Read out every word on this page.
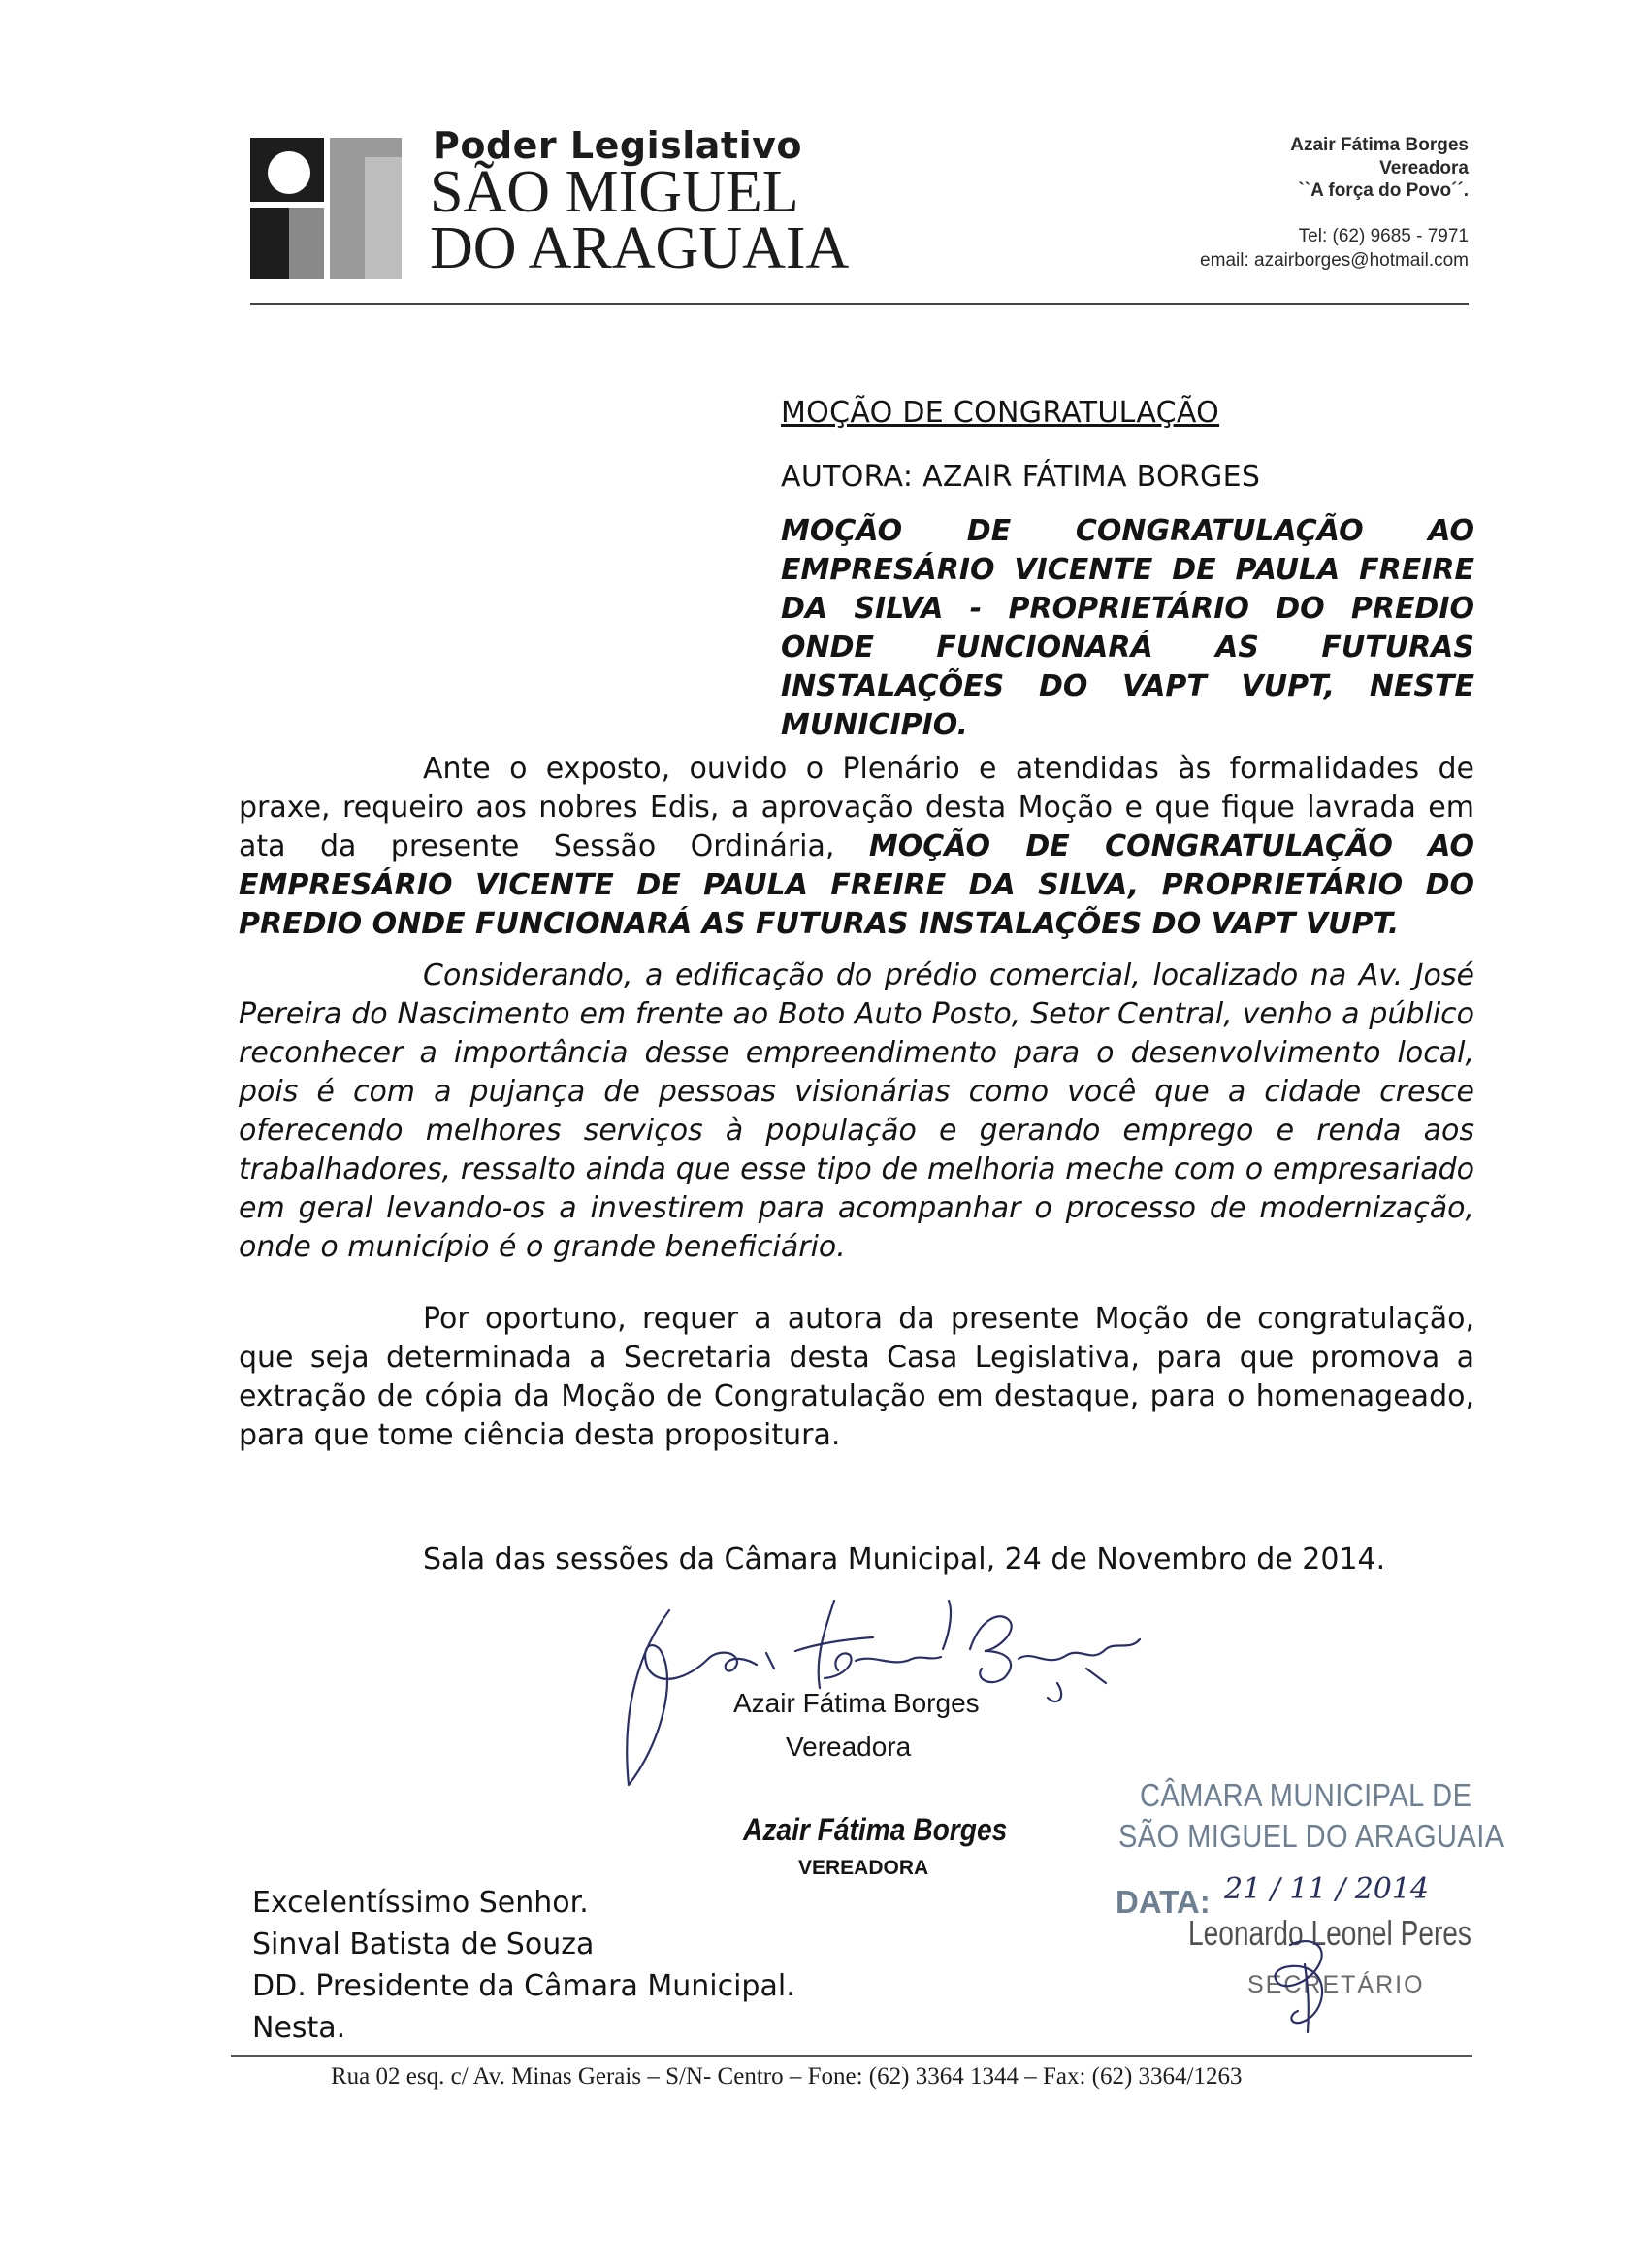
Poder Legislativo
SÃO MIGUEL
DO ARAGUAIA
Azair Fátima Borges
Vereadora
``A força do Povo´´.
Tel: (62) 9685 - 7971
email: azairborges@hotmail.com
MOÇÃO DE CONGRATULAÇÃO
AUTORA: AZAIR FÁTIMA BORGES
MOÇÃO DE CONGRATULAÇÃO AO EMPRESÁRIO VICENTE DE PAULA FREIRE DA SILVA - PROPRIETÁRIO DO PREDIO ONDE FUNCIONARÁ AS FUTURAS INSTALAÇÕES DO VAPT VUPT, NESTE MUNICIPIO.
Ante o exposto, ouvido o Plenário e atendidas às formalidades de praxe, requeiro aos nobres Edis, a aprovação desta Moção e que fique lavrada em ata da presente Sessão Ordinária, MOÇÃO DE CONGRATULAÇÃO AO EMPRESÁRIO VICENTE DE PAULA FREIRE DA SILVA, PROPRIETÁRIO DO PREDIO ONDE FUNCIONARÁ AS FUTURAS INSTALAÇÕES DO VAPT VUPT.
Considerando, a edificação do prédio comercial, localizado na Av. José Pereira do Nascimento em frente ao Boto Auto Posto, Setor Central, venho a público reconhecer a importância desse empreendimento para o desenvolvimento local, pois é com a pujança de pessoas visionárias como você que a cidade cresce oferecendo melhores serviços à população e gerando emprego e renda aos trabalhadores, ressalto ainda que esse tipo de melhoria meche com o empresariado em geral levando-os a investirem para acompanhar o processo de modernização, onde o município é o grande beneficiário.
Por oportuno, requer a autora da presente Moção de congratulação, que seja determinada a Secretaria desta Casa Legislativa, para que promova a extração de cópia da Moção de Congratulação em destaque, para o homenageado, para que tome ciência desta propositura.
Sala das sessões da Câmara Municipal, 24 de Novembro de 2014.
Azair Fátima Borges
Vereadora
Azair Fátima Borges
VEREADORA
Excelentíssimo Senhor.
Sinval Batista de Souza
DD. Presidente da Câmara Municipal.
Nesta.
CÂMARA MUNICIPAL DE
SÃO MIGUEL DO ARAGUAIA
DATA: 21 / 11 / 2014
Leonardo Leonel Peres
SECRETÁRIO
Rua 02 esq. c/ Av. Minas Gerais – S/N- Centro – Fone: (62) 3364 1344 – Fax: (62) 3364/1263
